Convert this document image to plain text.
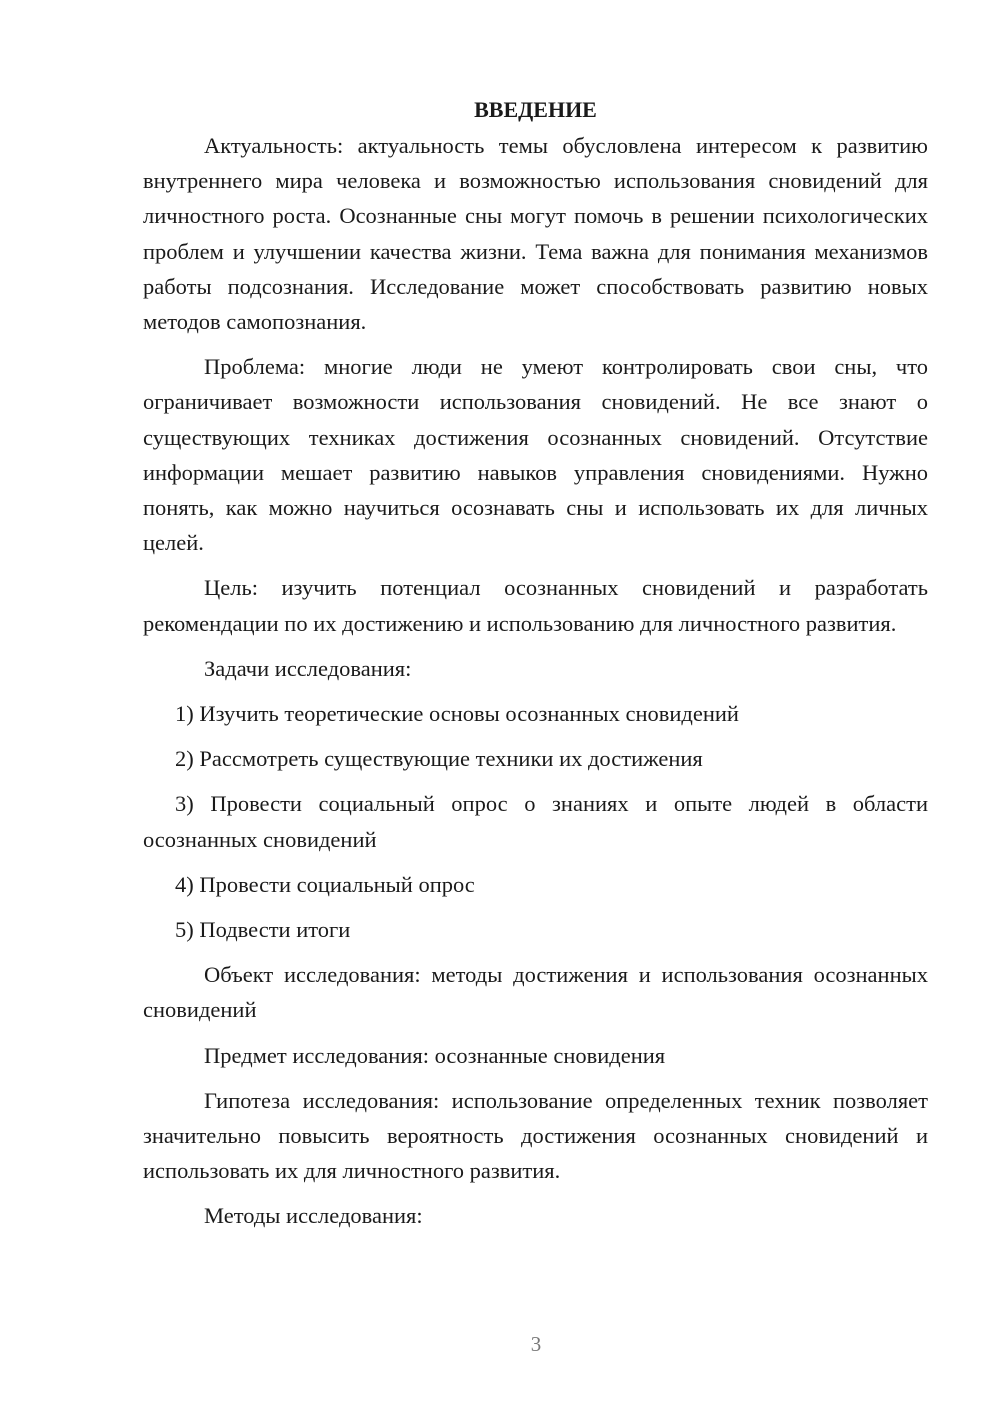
ВВЕДЕНИЕ

Актуальность: актуальность темы обусловлена интересом к развитию внутреннего мира человека и возможностью использования сновидений для личностного роста. Осознанные сны могут помочь в решении психологических проблем и улучшении качества жизни. Тема важна для понимания механизмов работы подсознания. Исследование может способствовать развитию новых методов самопознания.

Проблема: многие люди не умеют контролировать свои сны, что ограничивает возможности использования сновидений. Не все знают о существующих техниках достижения осознанных сновидений. Отсутствие информации мешает развитию навыков управления сновидениями. Нужно понять, как можно научиться осознавать сны и использовать их для личных целей.

Цель: изучить потенциал осознанных сновидений и разработать рекомендации по их достижению и использованию для личностного развития.

Задачи исследования:

1) Изучить теоретические основы осознанных сновидений

2) Рассмотреть существующие техники их достижения

3) Провести социальный опрос о знаниях и опыте людей в области осознанных сновидений

4) Провести социальный опрос

5) Подвести итоги

Объект исследования: методы достижения и использования осознанных сновидений

Предмет исследования: осознанные сновидения

Гипотеза исследования: использование определенных техник позволяет значительно повысить вероятность достижения осознанных сновидений и использовать их для личностного развития.

Методы исследования:

3
